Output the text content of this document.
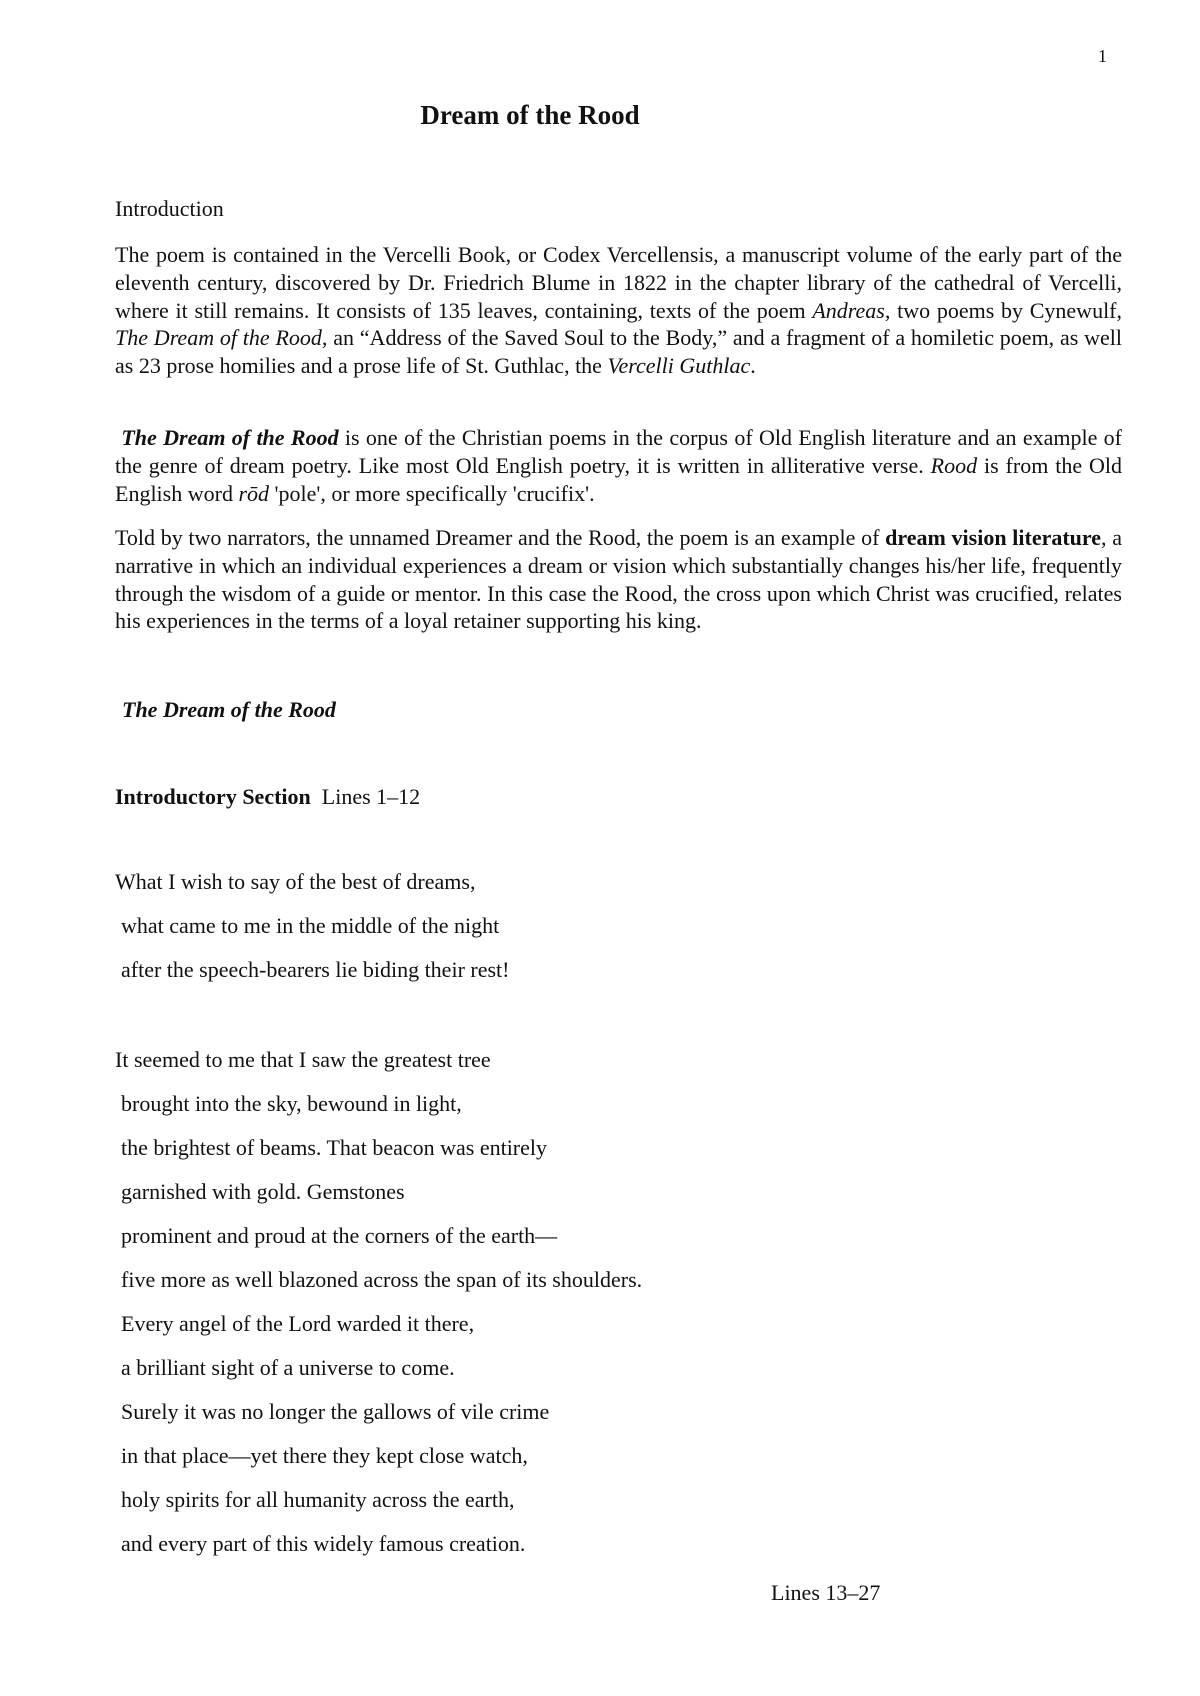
1
Dream of the Rood

Introduction

The poem is contained in the Vercelli Book, or Codex Vercellensis, a manuscript volume of the early part of the eleventh century, discovered by Dr. Friedrich Blume in 1822 in the chapter library of the cathedral of Vercelli, where it still remains. It consists of 135 leaves, containing, texts of the poem Andreas, two poems by Cynewulf, The Dream of the Rood, an “Address of the Saved Soul to the Body,” and a fragment of a homiletic poem, as well as 23 prose homilies and a prose life of St. Guthlac, the Vercelli Guthlac.

The Dream of the Rood is one of the Christian poems in the corpus of Old English literature and an example of the genre of dream poetry. Like most Old English poetry, it is written in alliterative verse. Rood is from the Old English word rōd 'pole', or more specifically 'crucifix'.

Told by two narrators, the unnamed Dreamer and the Rood, the poem is an example of dream vision literature, a narrative in which an individual experiences a dream or vision which substantially changes his/her life, frequently through the wisdom of a guide or mentor. In this case the Rood, the cross upon which Christ was crucified, relates his experiences in the terms of a loyal retainer supporting his king.

The Dream of the Rood

Introductory Section Lines 1–12

What I wish to say of the best of dreams,
what came to me in the middle of the night
after the speech-bearers lie biding their rest!
It seemed to me that I saw the greatest tree
brought into the sky, bewound in light,
the brightest of beams. That beacon was entirely
garnished with gold. Gemstones
prominent and proud at the corners of the earth—
five more as well blazoned across the span of its shoulders.
Every angel of the Lord warded it there,
a brilliant sight of a universe to come.
Surely it was no longer the gallows of vile crime
in that place—yet there they kept close watch,
holy spirits for all humanity across the earth,
and every part of this widely famous creation.

Lines 13–27
